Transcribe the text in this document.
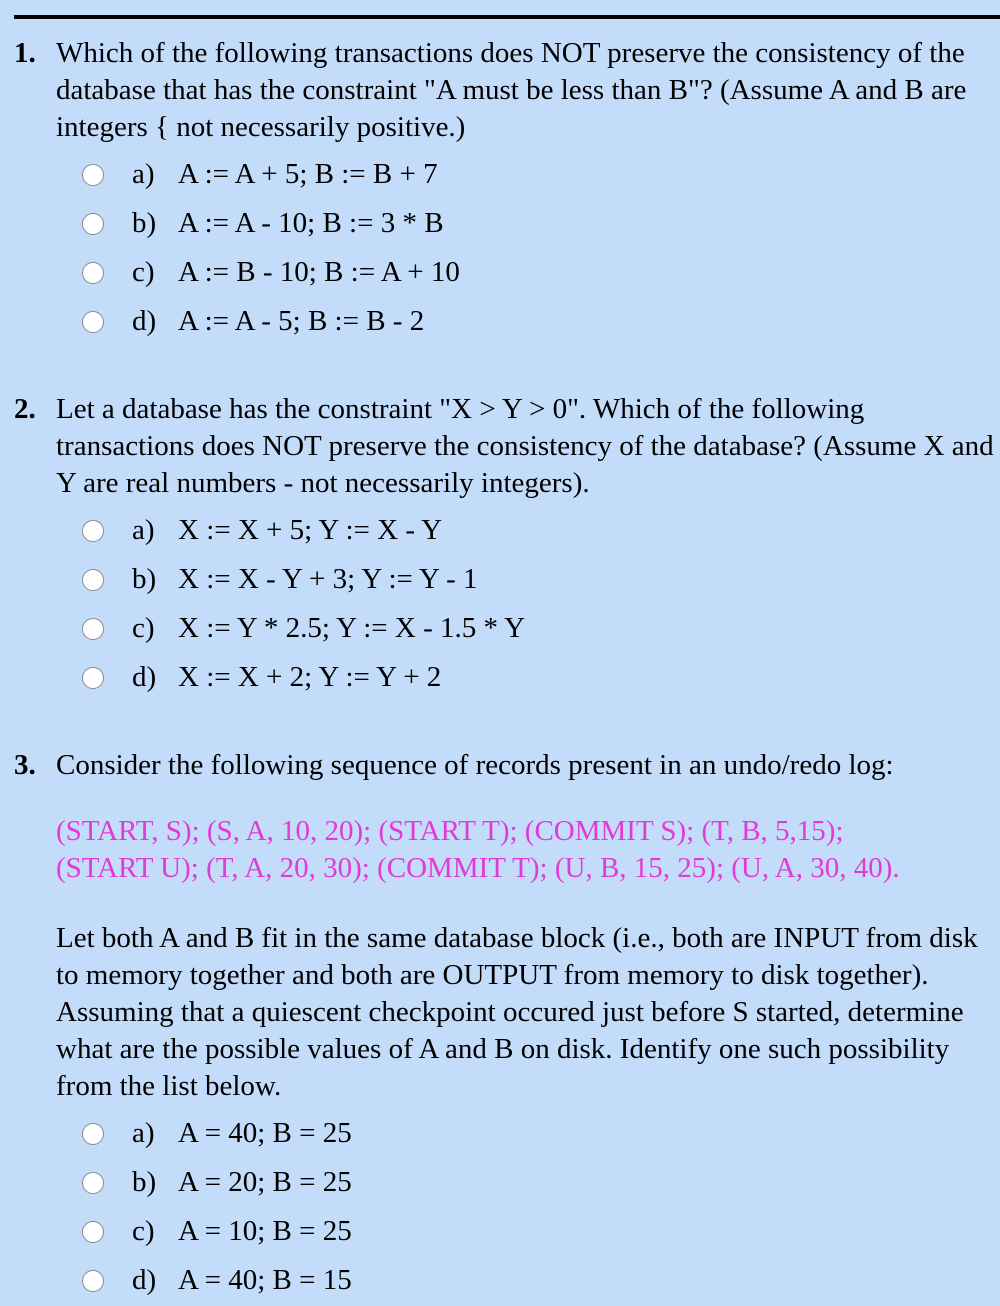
1. Which of the following transactions does NOT preserve the consistency of the database that has the constraint "A must be less than B"? (Assume A and B are integers { not necessarily positive.)
a) A := A + 5; B := B + 7
b) A := A - 10; B := 3 * B
c) A := B - 10; B := A + 10
d) A := A - 5; B := B - 2
2. Let a database has the constraint "X > Y > 0". Which of the following transactions does NOT preserve the consistency of the database? (Assume X and Y are real numbers - not necessarily integers).
a) X := X + 5; Y := X - Y
b) X := X - Y + 3; Y := Y - 1
c) X := Y * 2.5; Y := X - 1.5 * Y
d) X := X + 2; Y := Y + 2
3. Consider the following sequence of records present in an undo/redo log:
(START, S); (S, A, 10, 20); (START T); (COMMIT S); (T, B, 5,15);
(START U); (T, A, 20, 30); (COMMIT T); (U, B, 15, 25); (U, A, 30, 40).
Let both A and B fit in the same database block (i.e., both are INPUT from disk to memory together and both are OUTPUT from memory to disk together). Assuming that a quiescent checkpoint occured just before S started, determine what are the possible values of A and B on disk. Identify one such possibility from the list below.
a) A = 40; B = 25
b) A = 20; B = 25
c) A = 10; B = 25
d) A = 40; B = 15
